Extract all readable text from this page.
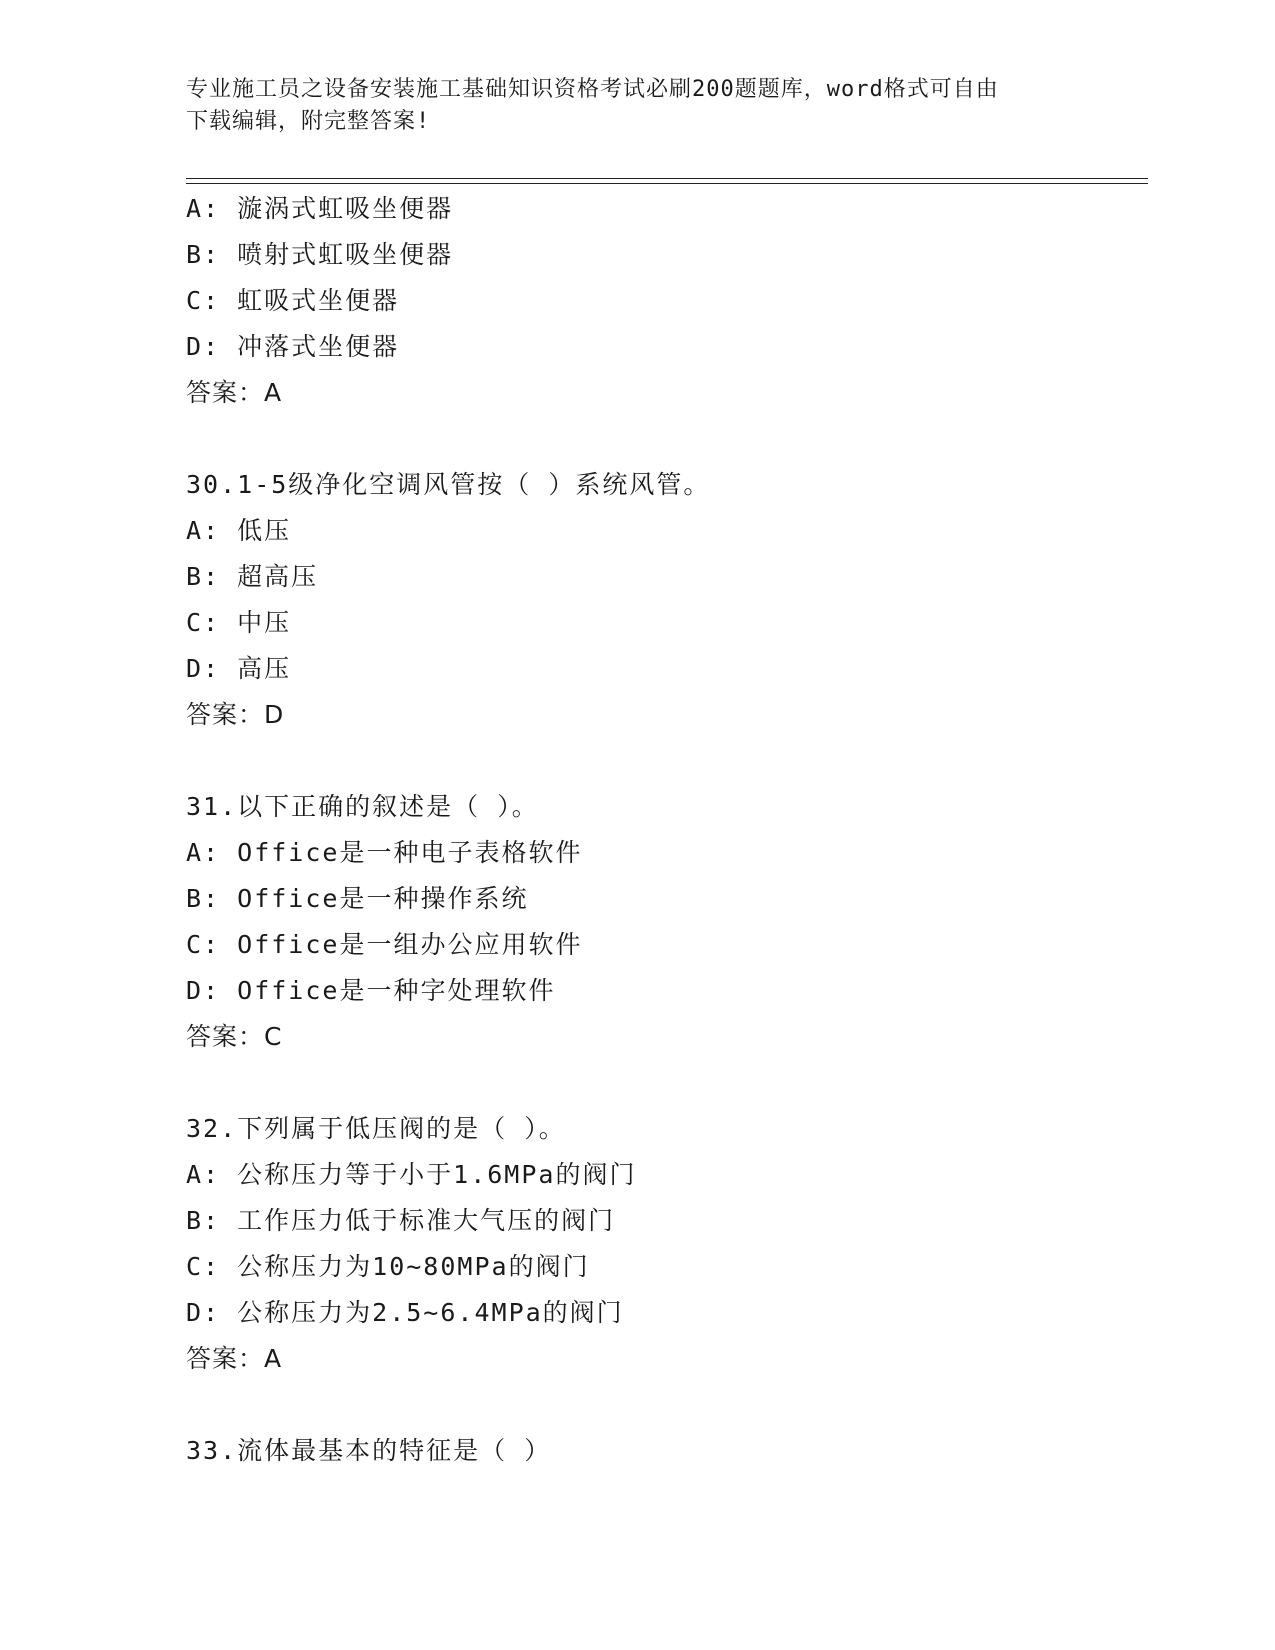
专业施工员之设备安装施工基础知识资格考试必刷200题题库，word格式可自由
下载编辑，附完整答案!
A: 漩涡式虹吸坐便器
B: 喷射式虹吸坐便器
C: 虹吸式坐便器
D: 冲落式坐便器
答案：A
30.1-5级净化空调风管按（ ）系统风管。
A: 低压
B: 超高压
C: 中压
D: 高压
答案：D
31.以下正确的叙述是（ ）。
A: Office是一种电子表格软件
B: Office是一种操作系统
C: Office是一组办公应用软件
D: Office是一种字处理软件
答案：C
32.下列属于低压阀的是（ ）。
A: 公称压力等于小于1.6MPa的阀门
B: 工作压力低于标准大气压的阀门
C: 公称压力为10~80MPa的阀门
D: 公称压力为2.5~6.4MPa的阀门
答案：A
33.流体最基本的特征是（ ）
